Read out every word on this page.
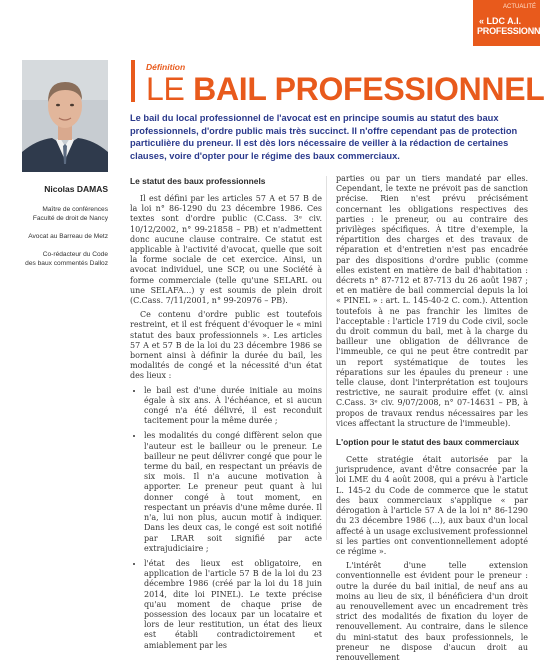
ACTUALITÉ
« LDC A.I.
PROFESSIONNEL
Nicolas DAMAS
Maître de conférences
Faculté de droit de Nancy
Avocat au Barreau de Metz
Co-rédacteur du Code
des baux commentés Dalloz
Définition
LE BAIL PROFESSIONNEL
Le bail du local professionnel de l'avocat est en principe soumis au statut des baux professionnels, d'ordre public mais très succinct. Il n'offre cependant pas de protection particulière du preneur. Il est dès lors nécessaire de veiller à la rédaction de certaines clauses, voire d'opter pour le régime des baux commerciaux.
Le statut des baux professionnels

Il est défini par les articles 57 A et 57 B de la loi n° 86-1290 du 23 décembre 1986. Ces textes sont d'ordre public (C.Cass. 3ᵉ civ. 10/12/2002, n° 99-21858 – PB) et n'admettent donc aucune clause contraire. Ce statut est applicable à l'activité d'avocat, quelle que soit la forme sociale de cet exercice. Ainsi, un avocat individuel, une SCP, ou une Société à forme commerciale (telle qu'une SELARL ou une SELAFA...) y est soumis de plein droit (C.Cass. 7/11/2001, n° 99-20976 – PB).

Ce contenu d'ordre public est toutefois restreint, et il est fréquent d'évoquer le « mini statut des baux professionnels ». Les articles 57 A et 57 B de la loi du 23 décembre 1986 se bornent ainsi à définir la durée du bail, les modalités de congé et la nécessité d'un état des lieux :

• le bail est d'une durée initiale au moins égale à six ans. À l'échéance, et si aucun congé n'a été délivré, il est reconduit tacitement pour la même durée ;
• les modalités du congé diffèrent selon que l'auteur est le bailleur ou le preneur. Le bailleur ne peut délivrer congé que pour le terme du bail, en respectant un préavis de six mois. Il n'a aucune motivation à apporter. Le preneur peut quant à lui donner congé à tout moment, en respectant un préavis d'une même durée. Il n'a, lui non plus, aucun motif à indiquer. Dans les deux cas, le congé est soit notifié par LRAR soit signifié par acte extrajudiciaire ;
• l'état des lieux est obligatoire, en application de l'article 57 B de la loi du 23 décembre 1986 (créé par la loi du 18 juin 2014, dite loi PINEL). Le texte précise qu'au moment de chaque prise de possession des locaux par un locataire et lors de leur restitution, un état des lieux est établi contradictoirement et amiablement par les

parties ou par un tiers mandaté par elles. Cependant, le texte ne prévoit pas de sanction précise. Rien n'est prévu précisément concernant les obligations respectives des parties : le preneur, ou au contraire des privilèges spécifiques. À titre d'exemple, la répartition des charges et des travaux de réparation et d'entretien n'est pas encadrée par des dispositions d'ordre public (comme elles existent en matière de bail d'habitation : décrets n° 87-712 et 87-713 du 26 août 1987 ; et en matière de bail commercial depuis la loi « PINEL » : art. L. 145-40-2 C. com.). Attention toutefois à ne pas franchir les limites de l'acceptable : l'article 1719 du Code civil, socle du droit commun du bail, met à la charge du bailleur une obligation de délivrance de l'immeuble, ce qui ne peut être contredit par un report systématique de toutes les réparations sur les épaules du preneur : une telle clause, dont l'interprétation est toujours restrictive, ne saurait produire effet (v. ainsi C.Cass. 3ᵉ civ. 9/07/2008, n° 07-14631 – PB, à propos de travaux rendus nécessaires par les vices affectant la structure de l'immeuble).

L'option pour le statut des baux commerciaux

Cette stratégie était autorisée par la jurisprudence, avant d'être consacrée par la loi LME du 4 août 2008, qui a prévu à l'article L. 145-2 du Code de commerce que le statut des baux commerciaux s'applique « par dérogation à l'article 57 A de la loi n° 86-1290 du 23 décembre 1986 (...), aux baux d'un local affecté à un usage exclusivement professionnel si les parties ont conventionnellement adopté ce régime ».

L'intérêt d'une telle extension conventionnelle est évident pour le preneur : outre la durée du bail initial, de neuf ans au moins au lieu de six, il bénéficiera d'un droit au renouvellement avec un encadrement très strict des modalités de fixation du loyer de renouvellement. Au contraire, dans le silence du mini-statut des baux professionnels, le preneur ne dispose d'aucun droit au renouvellement
